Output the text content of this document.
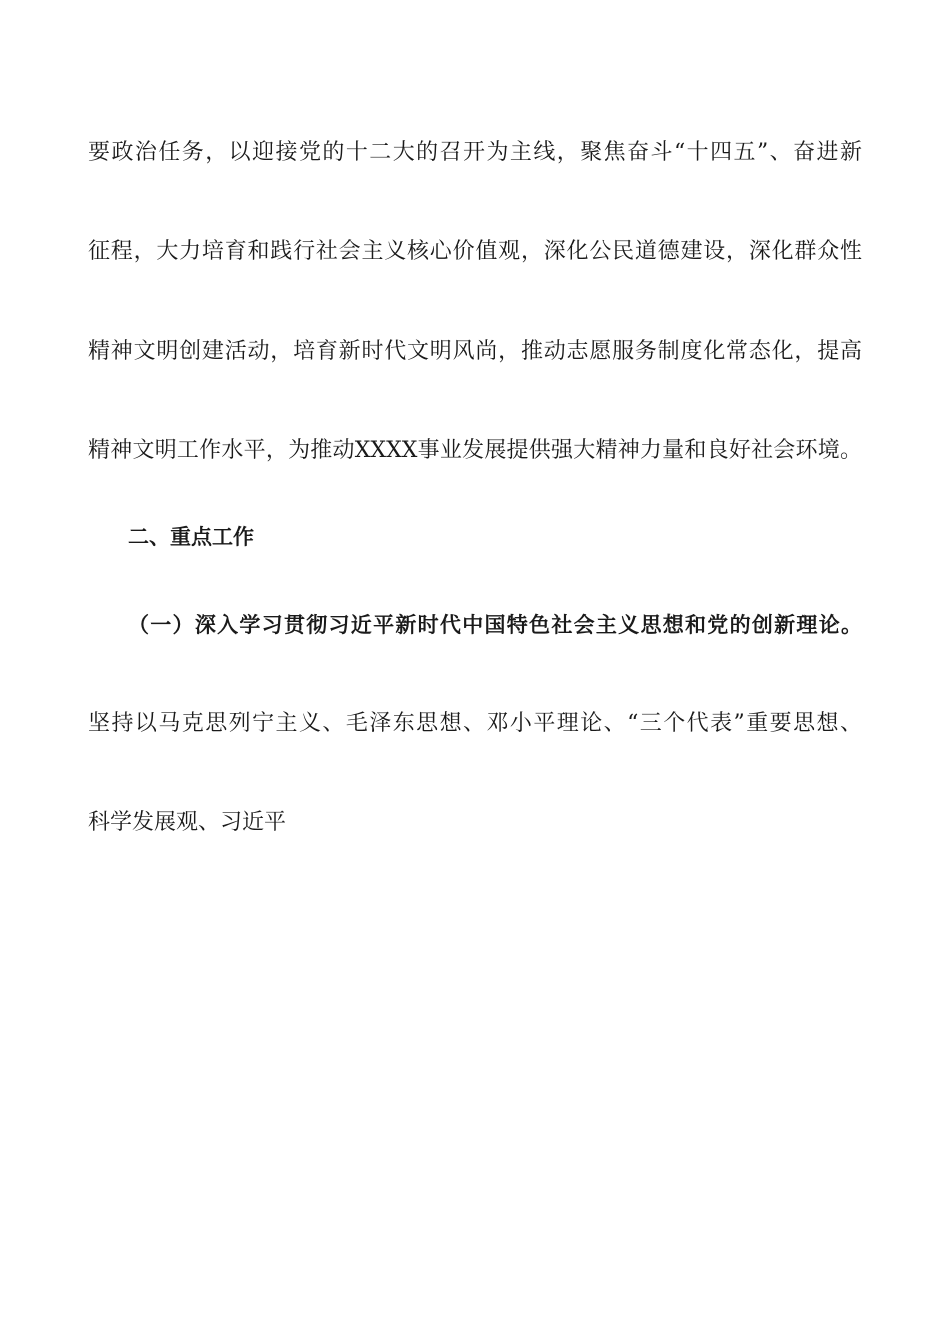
要政治任务，以迎接党的十二大的召开为主线，聚焦奋斗“十四五”、奋进新
征程，大力培育和践行社会主义核心价值观，深化公民道德建设，深化群众性
精神文明创建活动，培育新时代文明风尚，推动志愿服务制度化常态化，提高
精神文明工作水平，为推动XXXX事业发展提供强大精神力量和良好社会环境。
二、重点工作
（一）深入学习贯彻习近平新时代中国特色社会主义思想和党的创新理论。
坚持以马克思列宁主义、毛泽东思想、邓小平理论、“三个代表”重要思想、
科学发展观、习近平
